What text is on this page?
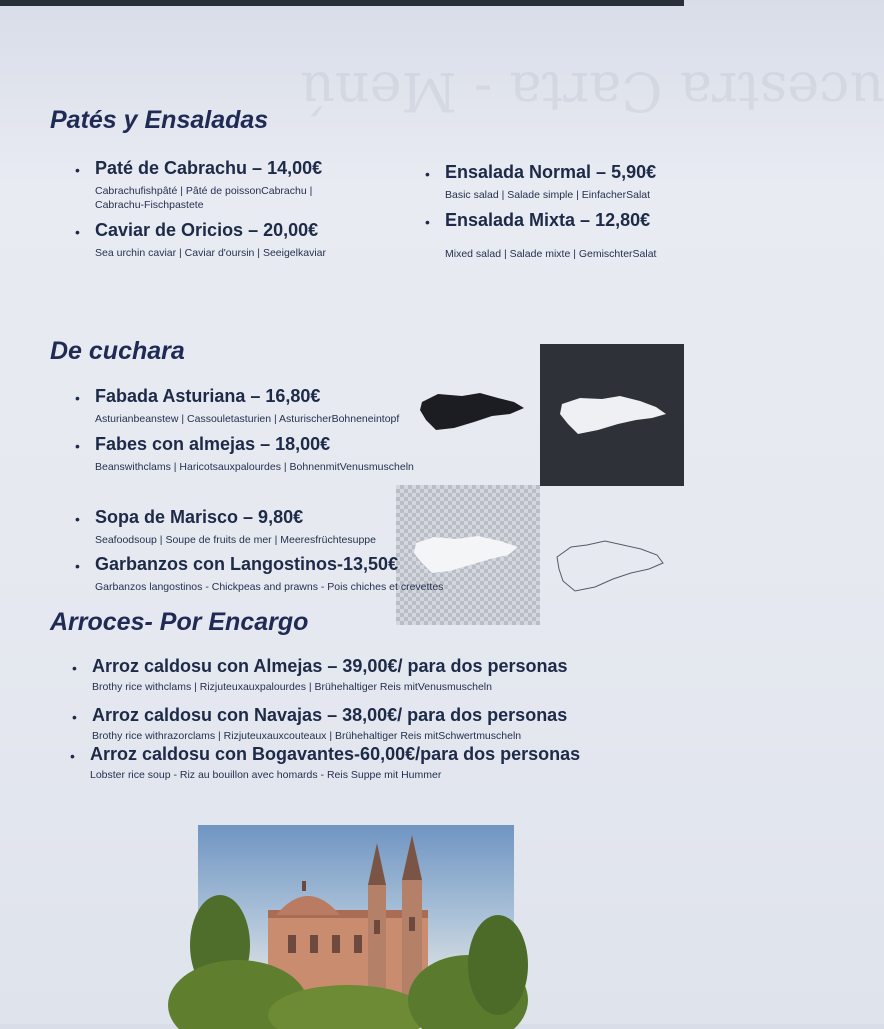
ucestra Carta - Menú
Patés y Ensaladas
• Paté de Cabrachu – 14,00€
Cabrachufishpâté | Pâté de poissonCabrachu | Cabrachu-Fischpastete
• Caviar de Oricios – 20,00€
Sea urchin caviar | Caviar d'oursin | Seeigelkaviar
• Ensalada Normal – 5,90€
Basic salad | Salade simple | EinfacherSalat
• Ensalada Mixta – 12,80€
Mixed salad | Salade mixte | GemischterSalat
De cuchara
• Fabada Asturiana – 16,80€
Asturianbeanstew | Cassouletasturien | AsturischerBohneneintopf
• Fabes con almejas – 18,00€
Beanswithclams | Haricotsauxpalourdes | BohnenmitVenusmuscheln
• Sopa de Marisco – 9,80€
Seafoodsoup | Soupe de fruits de mer | Meeresfrüchtesuppe
• Garbanzos con Langostinos-13,50€
Garbanzos langostinos - Chickpeas and prawns - Pois chiches et crevettes
Arroces- Por Encargo
• Arroz caldosu con Almejas – 39,00€/ para dos personas
Brothy rice withclams | Rizjuteuxauxpalourdes | Brühehaltiger Reis mitVenusmuscheln
• Arroz caldosu con Navajas – 38,00€/ para dos personas
Brothy rice withrazorclams | Rizjuteuxauxcouteaux | Brühehaltiger Reis mitSchwertmuscheln
• Arroz caldosu con Bogavantes-60,00€/para dos personas
Lobster rice soup - Riz au bouillon avec homards - Reis Suppe mit Hummer
